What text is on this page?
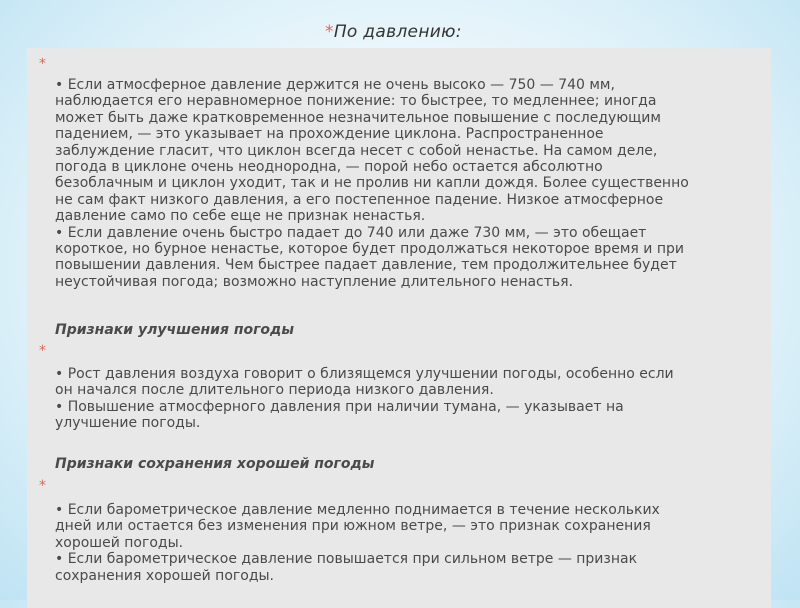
*По давлению:
*
• Если атмосферное давление держится не очень высоко — 750 — 740 мм,
наблюдается его неравномерное понижение: то быстрее, то медленнее; иногда
может быть даже кратковременное незначительное повышение с последующим
падением, — это указывает на прохождение циклона. Распространенное
заблуждение гласит, что циклон всегда несет с собой ненастье. На самом деле,
погода в циклоне очень неоднородна, — порой небо остается абсолютно
безоблачным и циклон уходит, так и не пролив ни капли дождя. Более существенно
не сам факт низкого давления, а его постепенное падение. Низкое атмосферное
давление само по себе еще не признак ненастья.
• Если давление очень быстро падает до 740 или даже 730 мм, — это обещает
короткое, но бурное ненастье, которое будет продолжаться некоторое время и при
повышении давления. Чем быстрее падает давление, тем продолжительнее будет
неустойчивая погода; возможно наступление длительного ненастья.
Признаки улучшения погоды
*
• Рост давления воздуха говорит о близящемся улучшении погоды, особенно если
он начался после длительного периода низкого давления.
• Повышение атмосферного давления при наличии тумана, — указывает на
улучшение погоды.
Признаки сохранения хорошей погоды
*
• Если барометрическое давление медленно поднимается в течение нескольких
дней или остается без изменения при южном ветре, — это признак сохранения
хорошей погоды.
• Если барометрическое давление повышается при сильном ветре — признак
сохранения хорошей погоды.
